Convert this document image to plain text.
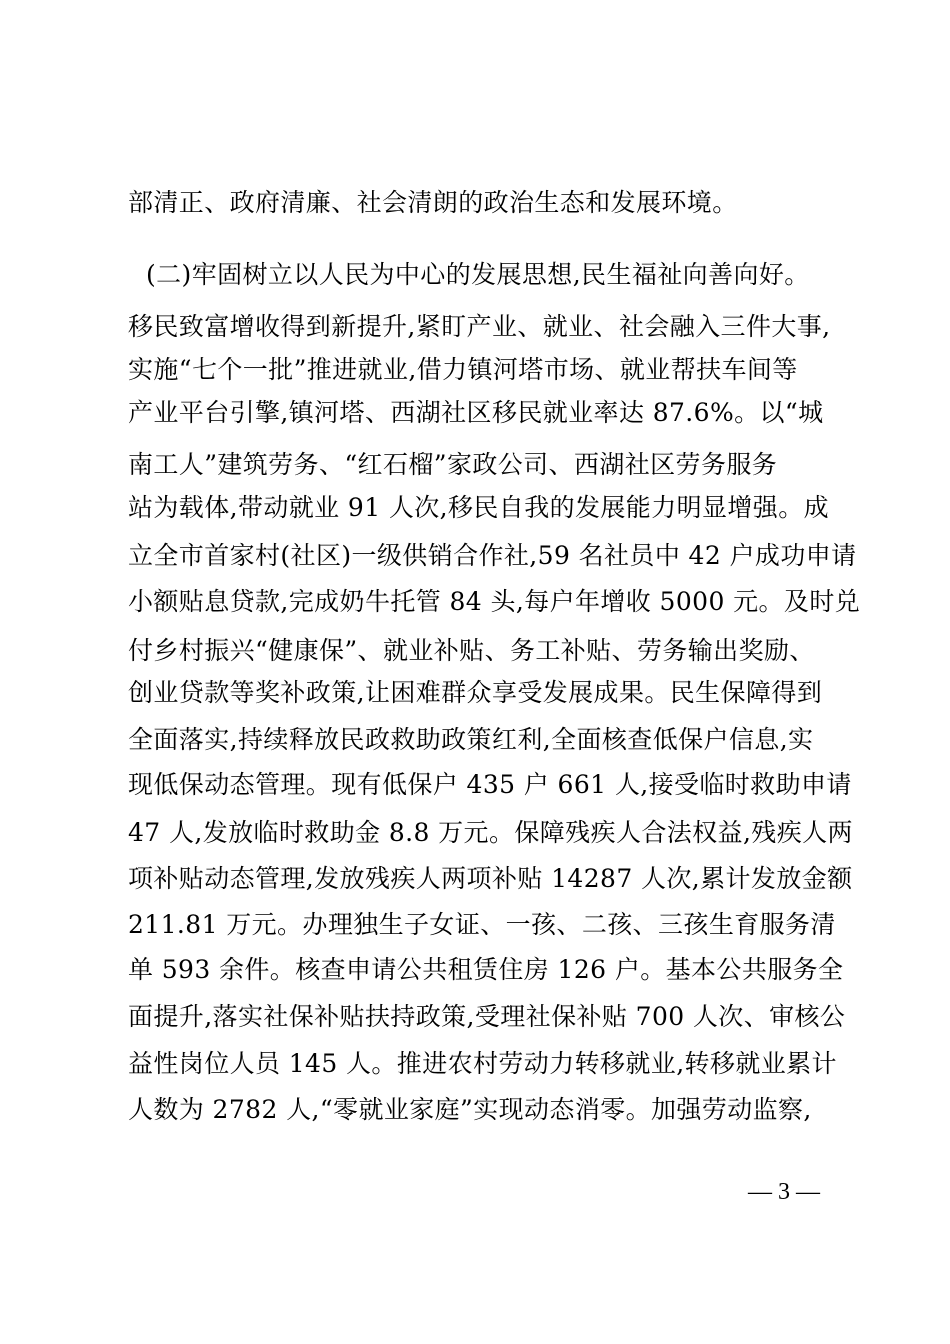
部清正、政府清廉、社会清朗的政治生态和发展环境。
(二)牢固树立以人民为中心的发展思想,民生福祉向善向好。
移民致富增收得到新提升,紧盯产业、就业、社会融入三件大事,
实施“七个一批”推进就业,借力镇河塔市场、就业帮扶车间等
产业平台引擎,镇河塔、西湖社区移民就业率达 87.6%。以“城
南工人”建筑劳务、“红石榴”家政公司、西湖社区劳务服务
站为载体,带动就业 91 人次,移民自我的发展能力明显增强。成
立全市首家村(社区)一级供销合作社,59 名社员中 42 户成功申请
小额贴息贷款,完成奶牛托管 84 头,每户年增收 5000 元。及时兑
付乡村振兴“健康保”、就业补贴、务工补贴、劳务输出奖励、
创业贷款等奖补政策,让困难群众享受发展成果。民生保障得到
全面落实,持续释放民政救助政策红利,全面核查低保户信息,实
现低保动态管理。现有低保户 435 户 661 人,接受临时救助申请
47 人,发放临时救助金 8.8 万元。保障残疾人合法权益,残疾人两
项补贴动态管理,发放残疾人两项补贴 14287 人次,累计发放金额
211.81 万元。办理独生子女证、一孩、二孩、三孩生育服务清
单 593 余件。核查申请公共租赁住房 126 户。基本公共服务全
面提升,落实社保补贴扶持政策,受理社保补贴 700 人次、审核公
益性岗位人员 145 人。推进农村劳动力转移就业,转移就业累计
人数为 2782 人,“零就业家庭”实现动态消零。加强劳动监察,
— 3 —
